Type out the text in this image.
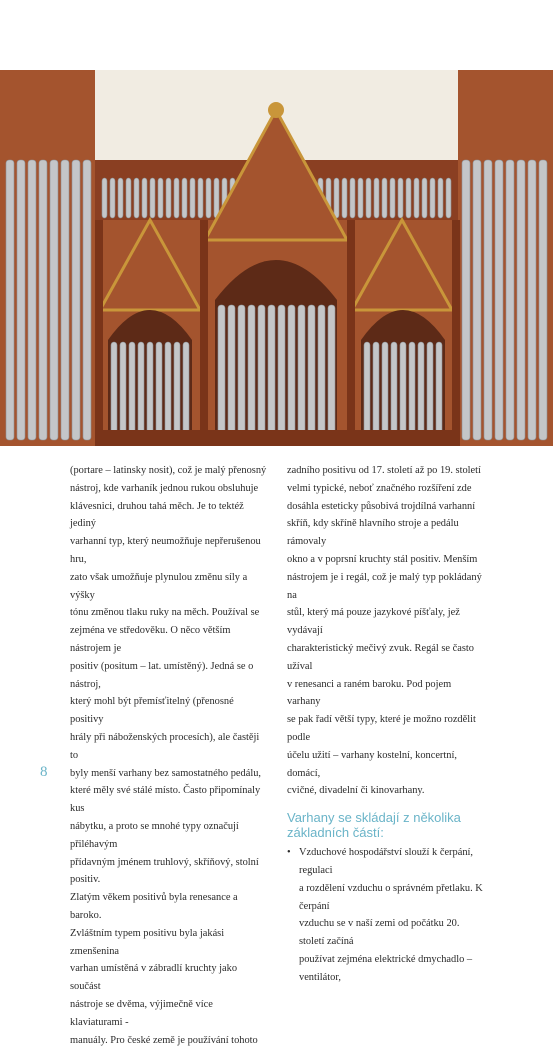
(portare – latinsky nosit), což je malý přenosný

nástroj, kde varhaník jednou rukou obsluhuje

klávesnici, druhou tahá měch. Je to tektéž jediný

varhanní typ, který neumožňuje nepřerušenou hru,

zato však umožňuje plynulou změnu síly a výšky

tónu změnou tlaku ruky na měch. Používal se

zejména ve středověku. O něco větším nástrojem je

positiv (positum – lat. umístěný). Jedná se o nástroj,

který mohl být přemísťitelný (přenosné positivy

hrály při náboženských procesích), ale častěji to

byly menší varhany bez samostatného pedálu,

které měly své stálé místo. Často připomínaly kus

nábytku, a proto se mnohé typy označují přiléhavým

přídavným jménem truhlový, skříňový, stolní positiv.

Zlatým věkem positivů byla renesance a baroko.

Zvláštním typem positivu byla jakási zmenšenina

varhan umístěná v zábradlí kruchty jako součást

nástroje se dvěma, výjimečně více klaviaturami -

manuály. Pro české země je používání tohoto

zadního positivu od 17. století až po 19. století

velmi typické, neboť značného rozšíření zde

dosáhla esteticky působivá trojdílná varhanní

skříň, kdy skříně hlavního stroje a pedálu rámovaly

okno a v poprsní kruchty stál positiv. Menším

nástrojem je i regál, což je malý typ pokládaný na

stůl, který má pouze jazykové píšťaly, jež vydávají

charakteristický mečivý zvuk. Regál se často užíval

v renesanci a raném baroku. Pod pojem varhany

se pak řadí větší typy, které je možno rozdělit podle

účelu užití – varhany kostelní, koncertní, domácí,

cvičné, divadelní či kinovarhany.

Varhany se skládají z několika
základních částí:
• Vzduchové hospodářství slouží k čerpání, regulaci

a rozdělení vzduchu o správném přetlaku. K čerpání

vzduchu se v naší zemi od počátku 20. století začíná

používat zejména elektrické dmychadlo – ventilátor,

8
